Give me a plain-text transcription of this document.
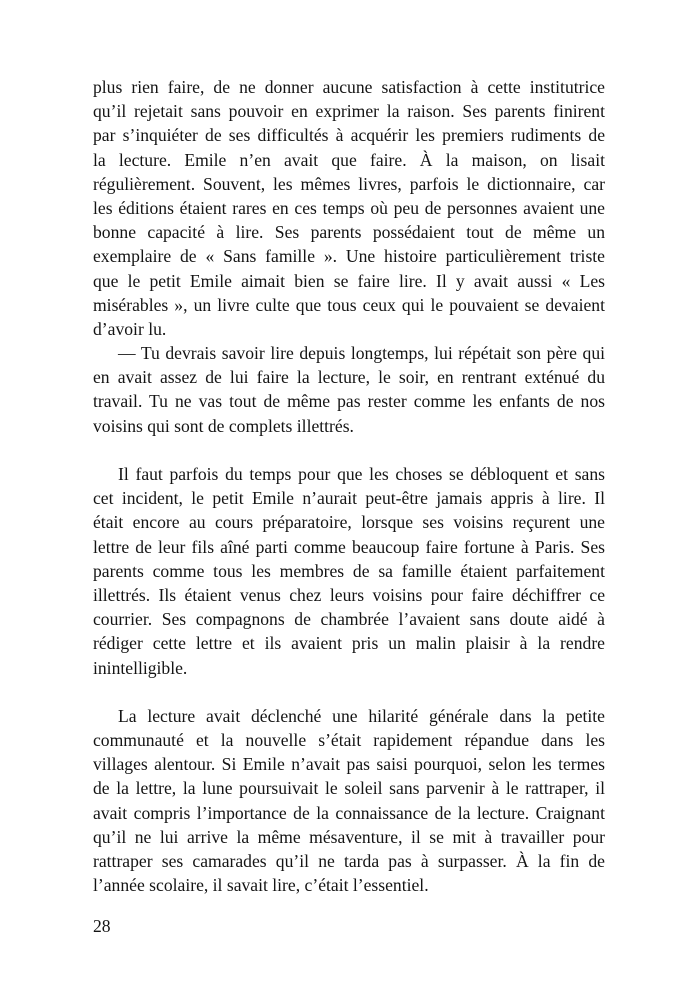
plus rien faire, de ne donner aucune satisfaction à cette institutrice
qu’il rejetait sans pouvoir en exprimer la raison. Ses parents finirent
par s’inquiéter de ses difficultés à acquérir les premiers rudiments de
la lecture. Emile n’en avait que faire. À la maison, on lisait
régulièrement. Souvent, les mêmes livres, parfois le dictionnaire, car
les éditions étaient rares en ces temps où peu de personnes avaient une
bonne capacité à lire. Ses parents possédaient tout de même un
exemplaire de « Sans famille ». Une histoire particulièrement triste
que le petit Emile aimait bien se faire lire. Il y avait aussi « Les
misérables », un livre culte que tous ceux qui le pouvaient se devaient
d’avoir lu.
— Tu devrais savoir lire depuis longtemps, lui répétait son père qui
en avait assez de lui faire la lecture, le soir, en rentrant exténué du
travail. Tu ne vas tout de même pas rester comme les enfants de nos
voisins qui sont de complets illettrés.
Il faut parfois du temps pour que les choses se débloquent et sans
cet incident, le petit Emile n’aurait peut-être jamais appris à lire. Il
était encore au cours préparatoire, lorsque ses voisins reçurent une
lettre de leur fils aîné parti comme beaucoup faire fortune à Paris. Ses
parents comme tous les membres de sa famille étaient parfaitement
illettrés. Ils étaient venus chez leurs voisins pour faire déchiffrer ce
courrier. Ses compagnons de chambrée l’avaient sans doute aidé à
rédiger cette lettre et ils avaient pris un malin plaisir à la rendre
inintelligible.
La lecture avait déclenché une hilarité générale dans la petite
communauté et la nouvelle s’était rapidement répandue dans les
villages alentour. Si Emile n’avait pas saisi pourquoi, selon les termes
de la lettre, la lune poursuivait le soleil sans parvenir à le rattraper, il
avait compris l’importance de la connaissance de la lecture. Craignant
qu’il ne lui arrive la même mésaventure, il se mit à travailler pour
rattraper ses camarades qu’il ne tarda pas à surpasser. À la fin de
l’année scolaire, il savait lire, c’était l’essentiel.
28
